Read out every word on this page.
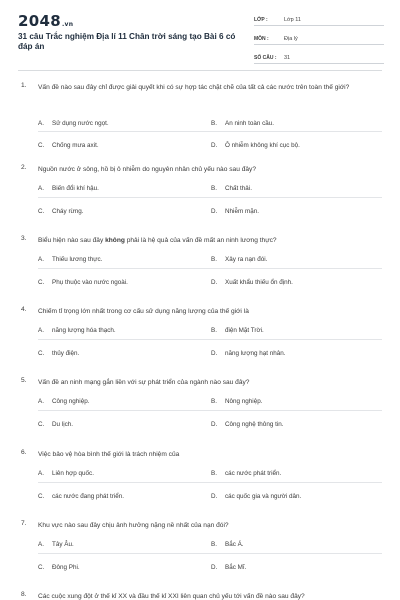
2048.vn
31 câu Trắc nghiệm Địa lí 11 Chân trời sáng tạo Bài 6 có đáp án
LỚP :	Lớp 11
MÔN :	Địa lý
SỐ CÂU : 31
1. Vấn đề nào sau đây chỉ được giải quyết khi có sự hợp tác chặt chẽ của tất cả các nước trên toàn thế giới?
A. Sử dụng nước ngọt.	B. An ninh toàn cầu.
C. Chống mưa axit.	D. Ô nhiễm không khí cục bộ.
2. Nguồn nước ở sông, hồ bị ô nhiễm do nguyên nhân chủ yếu nào sau đây?
A. Biến đổi khí hậu.	B. Chất thải.
C. Cháy rừng.	D. Nhiễm mặn.
3. Biểu hiện nào sau đây không phải là hệ quả của vấn đề mất an ninh lương thực?
A. Thiếu lương thực.	B. Xảy ra nạn đói.
C. Phụ thuộc vào nước ngoài.	D. Xuất khẩu thiếu ổn định.
4. Chiếm tỉ trọng lớn nhất trong cơ cấu sử dụng năng lượng của thế giới là
A. năng lượng hóa thạch.	B. điện Mặt Trời.
C. thủy điện.	D. năng lượng hạt nhân.
5. Vấn đề an ninh mạng gắn liền với sự phát triển của ngành nào sau đây?
A. Công nghiệp.	B. Nông nghiệp.
C. Du lịch.	D. Công nghệ thông tin.
6. Việc bảo vệ hòa bình thế giới là trách nhiệm của
A. Liên hợp quốc.	B. các nước phát triển.
C. các nước đang phát triển.	D. các quốc gia và người dân.
7. Khu vực nào sau đây chịu ảnh hưởng nặng nề nhất của nạn đói?
A. Tây Âu.	B. Bắc Á.
C. Đông Phi.	D. Bắc Mĩ.
8. Các cuộc xung đột ở thế kỉ XX và đầu thế kỉ XXI liên quan chủ yếu tới vấn đề nào sau đây?
